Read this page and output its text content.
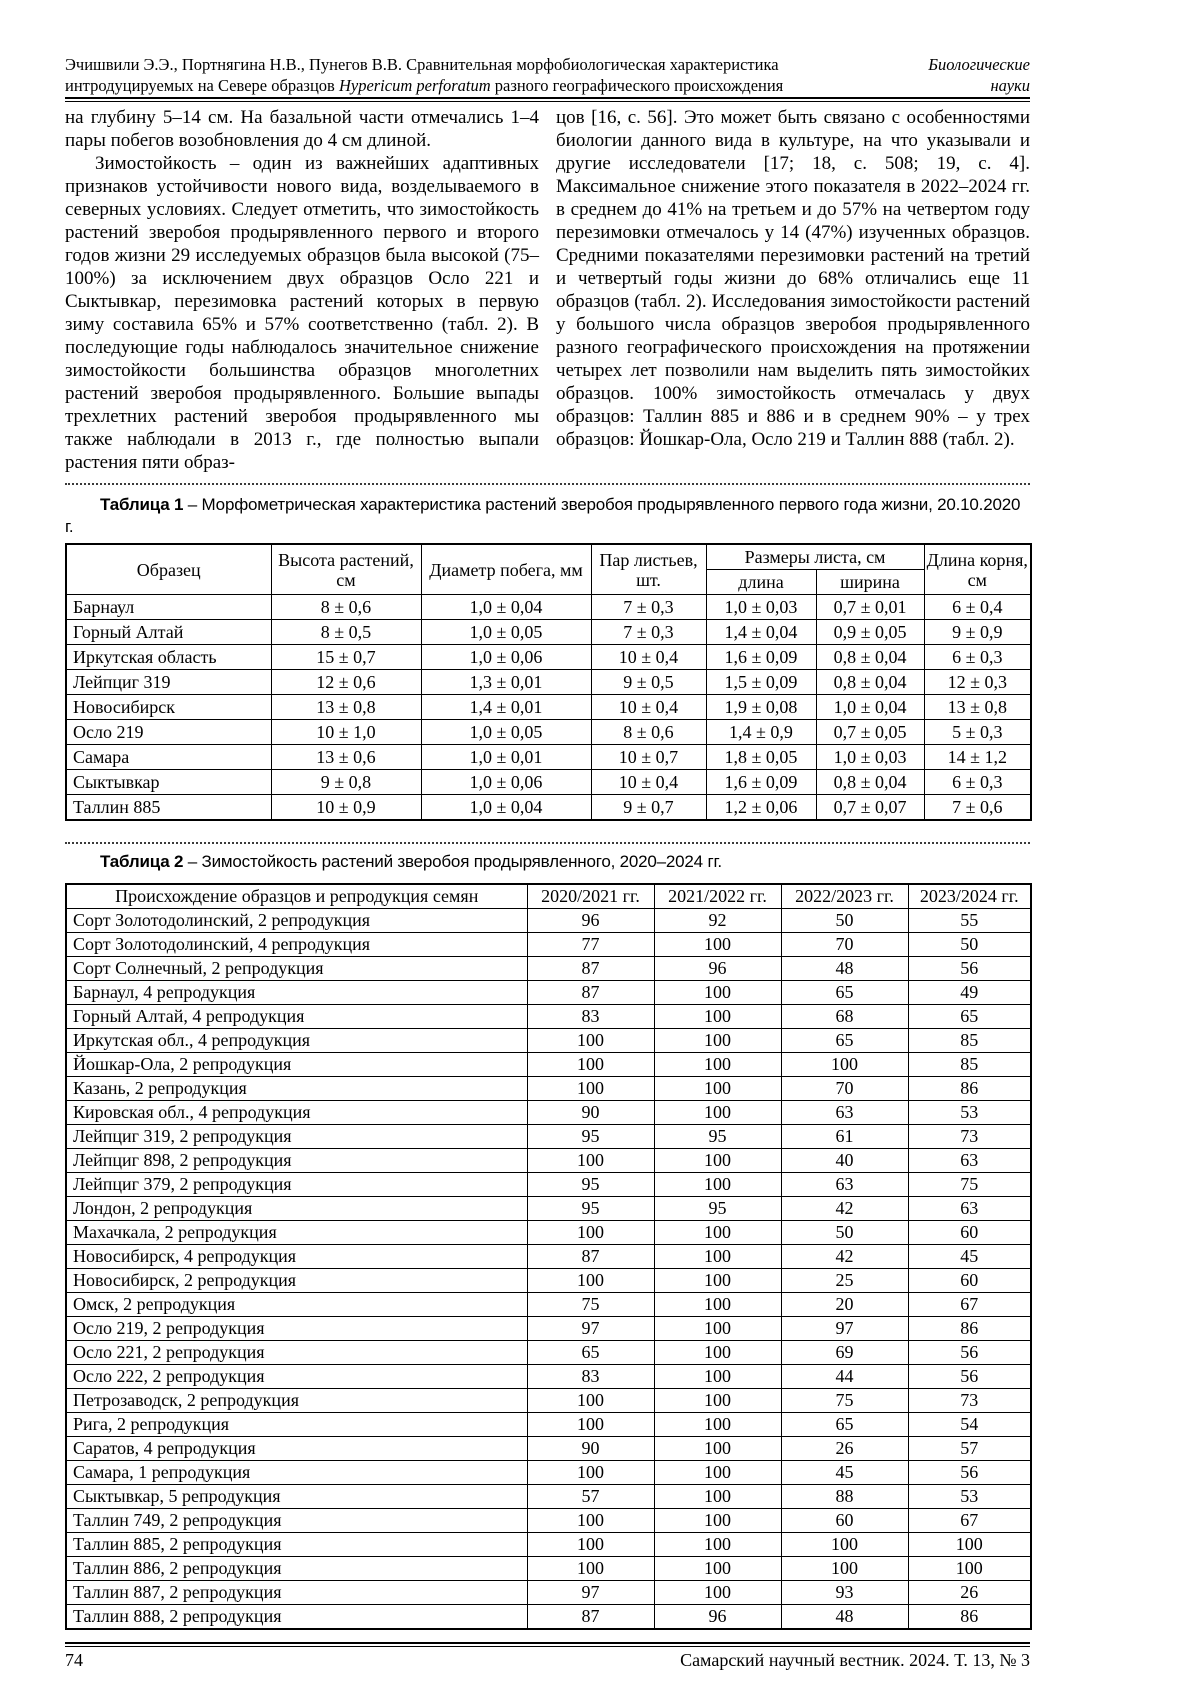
Эчишвили Э.Э., Портнягина Н.В., Пунегов В.В. Сравнительная морфобиологическая характеристика
интродуцируемых на Севере образцов Hypericum perforatum разного географического происхождения
Биологические
науки

на глубину 5–14 см. На базальной части отмечались 1–4 пары побегов возобновления до 4 см длиной.

Зимостойкость – один из важнейших адаптивных признаков устойчивости нового вида, возделываемого в северных условиях. Следует отметить, что зимостойкость растений зверобоя продырявленного первого и второго годов жизни 29 исследуемых образцов была высокой (75–100%) за исключением двух образцов Осло 221 и Сыктывкар, перезимовка растений которых в первую зиму составила 65% и 57% соответственно (табл. 2). В последующие годы наблюдалось значительное снижение зимостойкости большинства образцов многолетних растений зверобоя продырявленного. Большие выпады трехлетних растений зверобоя продырявленного мы также наблюдали в 2013 г., где полностью выпали растения пяти образ-

цов [16, с. 56]. Это может быть связано с особенностями биологии данного вида в культуре, на что указывали и другие исследователи [17; 18, с. 508; 19, с. 4]. Максимальное снижение этого показателя в 2022–2024 гг. в среднем до 41% на третьем и до 57% на четвертом году перезимовки отмечалось у 14 (47%) изученных образцов. Средними показателями перезимовки растений на третий и четвертый годы жизни до 68% отличались еще 11 образцов (табл. 2). Исследования зимостойкости растений у большого числа образцов зверобоя продырявленного разного географического происхождения на протяжении четырех лет позволили нам выделить пять зимостойких образцов. 100% зимостойкость отмечалась у двух образцов: Таллин 885 и 886 и в среднем 90% – у трех образцов: Йошкар-Ола, Осло 219 и Таллин 888 (табл. 2).

Таблица 1 – Морфометрическая характеристика растений зверобоя продырявленного первого года жизни, 20.10.2020 г.
Образец	Высота растений, см	Диаметр побега, мм	Пар листьев, шт.	Размеры листа, см		Длина корня, см
				длина	ширина	
Барнаул	8 ± 0,6	1,0 ± 0,04	7 ± 0,3	1,0 ± 0,03	0,7 ± 0,01	6 ± 0,4
Горный Алтай	8 ± 0,5	1,0 ± 0,05	7 ± 0,3	1,4 ± 0,04	0,9 ± 0,05	9 ± 0,9
Иркутская область	15 ± 0,7	1,0 ± 0,06	10 ± 0,4	1,6 ± 0,09	0,8 ± 0,04	6 ± 0,3
Лейпциг 319	12 ± 0,6	1,3 ± 0,01	9 ± 0,5	1,5 ± 0,09	0,8 ± 0,04	12 ± 0,3
Новосибирск	13 ± 0,8	1,4 ± 0,01	10 ± 0,4	1,9 ± 0,08	1,0 ± 0,04	13 ± 0,8
Осло 219	10 ± 1,0	1,0 ± 0,05	8 ± 0,6	1,4 ± 0,9	0,7 ± 0,05	5 ± 0,3
Самара	13 ± 0,6	1,0 ± 0,01	10 ± 0,7	1,8 ± 0,05	1,0 ± 0,03	14 ± 1,2
Сыктывкар	9 ± 0,8	1,0 ± 0,06	10 ± 0,4	1,6 ± 0,09	0,8 ± 0,04	6 ± 0,3
Таллин 885	10 ± 0,9	1,0 ± 0,04	9 ± 0,7	1,2 ± 0,06	0,7 ± 0,07	7 ± 0,6
Таблица 2 – Зимостойкость растений зверобоя продырявленного, 2020–2024 гг.
Происхождение образцов и репродукция семян	2020/2021 гг.	2021/2022 гг.	2022/2023 гг.	2023/2024 гг.
Сорт Золотодолинский, 2 репродукция	96	92	50	55
Сорт Золотодолинский, 4 репродукция	77	100	70	50
Сорт Солнечный, 2 репродукция	87	96	48	56
Барнаул, 4 репродукция	87	100	65	49
Горный Алтай, 4 репродукция	83	100	68	65
Иркутская обл., 4 репродукция	100	100	65	85
Йошкар-Ола, 2 репродукция	100	100	100	85
Казань, 2 репродукция	100	100	70	86
Кировская обл., 4 репродукция	90	100	63	53
Лейпциг 319, 2 репродукция	95	95	61	73
Лейпциг 898, 2 репродукция	100	100	40	63
Лейпциг 379, 2 репродукция	95	100	63	75
Лондон, 2 репродукция	95	95	42	63
Махачкала, 2 репродукция	100	100	50	60
Новосибирск, 4 репродукция	87	100	42	45
Новосибирск, 2 репродукция	100	100	25	60
Омск, 2 репродукция	75	100	20	67
Осло 219, 2 репродукция	97	100	97	86
Осло 221, 2 репродукция	65	100	69	56
Осло 222, 2 репродукция	83	100	44	56
Петрозаводск, 2 репродукция	100	100	75	73
Рига, 2 репродукция	100	100	65	54
Саратов, 4 репродукция	90	100	26	57
Самара, 1 репродукция	100	100	45	56
Сыктывкар, 5 репродукция	57	100	88	53
Таллин 749, 2 репродукция	100	100	60	67
Таллин 885, 2 репродукция	100	100	100	100
Таллин 886, 2 репродукция	100	100	100	100
Таллин 887, 2 репродукция	97	100	93	26
Таллин 888, 2 репродукция	87	96	48	86
74	Самарский научный вестник. 2024. Т. 13, № 3
